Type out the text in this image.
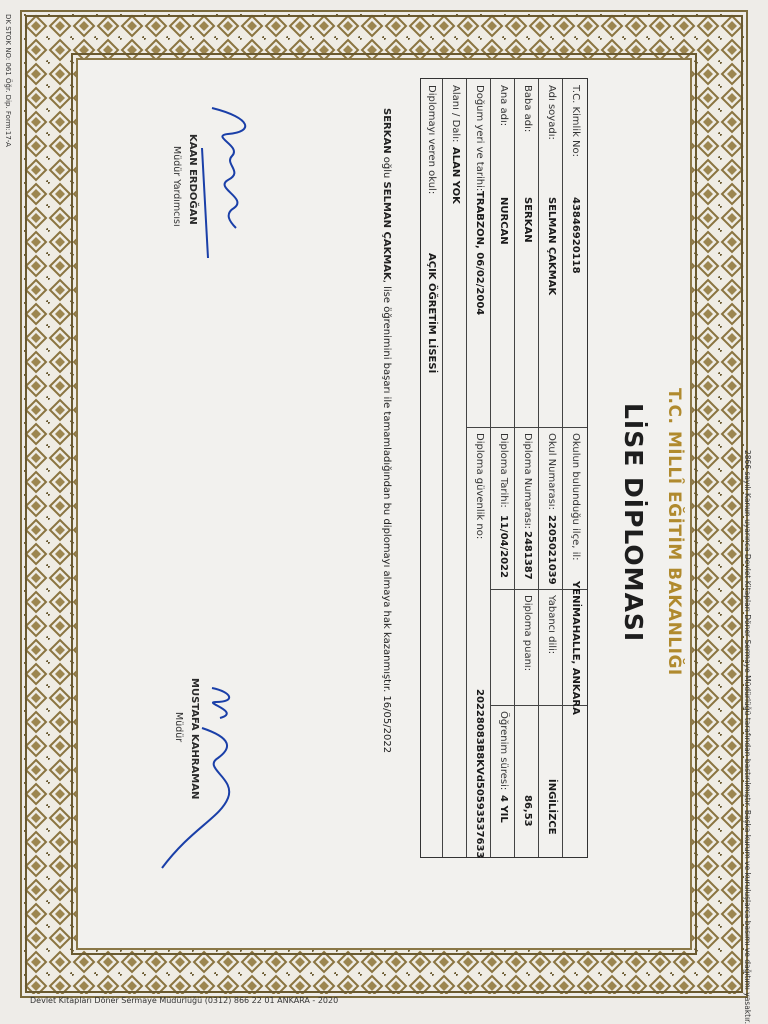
T.C. MİLLÎ EĞİTİM BAKANLIĞI
LİSE DİPLOMASI
T.C. Kimlik No:
43846920118
Adı soyadı:
SELMAN ÇAKMAK
Baba adı:
SERKAN
Ana adı:
NURCAN
Doğum yeri ve tarihi:
TRABZON, 06/02/2004
Alanı / Dalı:
ALAN YOK
Diplomayı veren okul:
AÇIK ÖĞRETİM LİSESİ
Okulun bulunduğu ilçe, il:
YENİMAHALLE, ANKARA
Okul Numarası:
2205021039
Diploma Numarası:
2481387
Diploma Tarihi:
11/04/2022
Diploma güvenlik no:
20228083B8KVd50593537633
Yabancı dili:
İNGİLİZCE
Diploma puanı:
86,53
Öğrenim süresi:
4 YIL
SERKAN oğlu SELMAN ÇAKMAK, lise öğrenimini başarı ile tamamladığından bu diplomayı almaya hak kazanmıştır. 16/05/2022
KAAN ERDOĞAN
Müdür Yardımcısı
MUSTAFA KAHRAMAN
Müdür
Devlet Kitapları Döner Sermaye Müdürlüğü (0312) 866 22 01 ANKARA - 2020	2866 sayılı Kanun uyarınca Devlet Kitapları Döner Sermaye Müdürlüğü tarafından bastırılmıştır. Başka kurum ve kuruluşlarca basımı ve dağıtımı yasaktır.
DK STOK NO: 061 Öğr. Dip. Form:17-A
